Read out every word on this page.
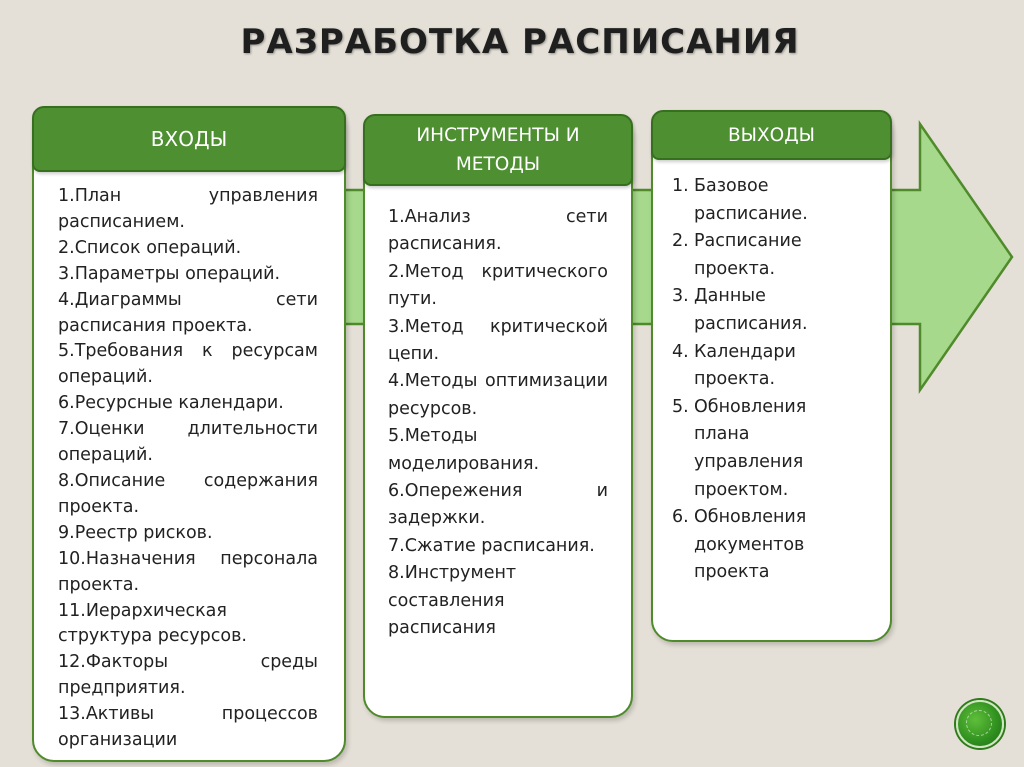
РАЗРАБОТКА РАСПИСАНИЯ
ВХОДЫ
1.План управления расписанием.
2.Список операций.
3.Параметры операций.
4.Диаграммы сети расписания проекта.
5.Требования к ресурсам операций.
6.Ресурсные календари.
7.Оценки длительности операций.
8.Описание содержания проекта.
9.Реестр рисков.
10.Назначения персонала проекта.
11.Иерархическая структура ресурсов.
12.Факторы среды предприятия.
13.Активы процессов организации
ИНСТРУМЕНТЫ И
МЕТОДЫ
1.Анализ сети расписания.
2.Метод критического пути.
3.Метод критической цепи.
4.Методы оптимизации ресурсов.
5.Методы моделирования.
6.Опережения и задержки.
7.Сжатие расписания.
8.Инструмент составления расписания
ВЫХОДЫ
1. Базовое расписание.
2. Расписание проекта.
3. Данные расписания.
4. Календари проекта.
5. Обновления плана управления проектом.
6. Обновления документов проекта
